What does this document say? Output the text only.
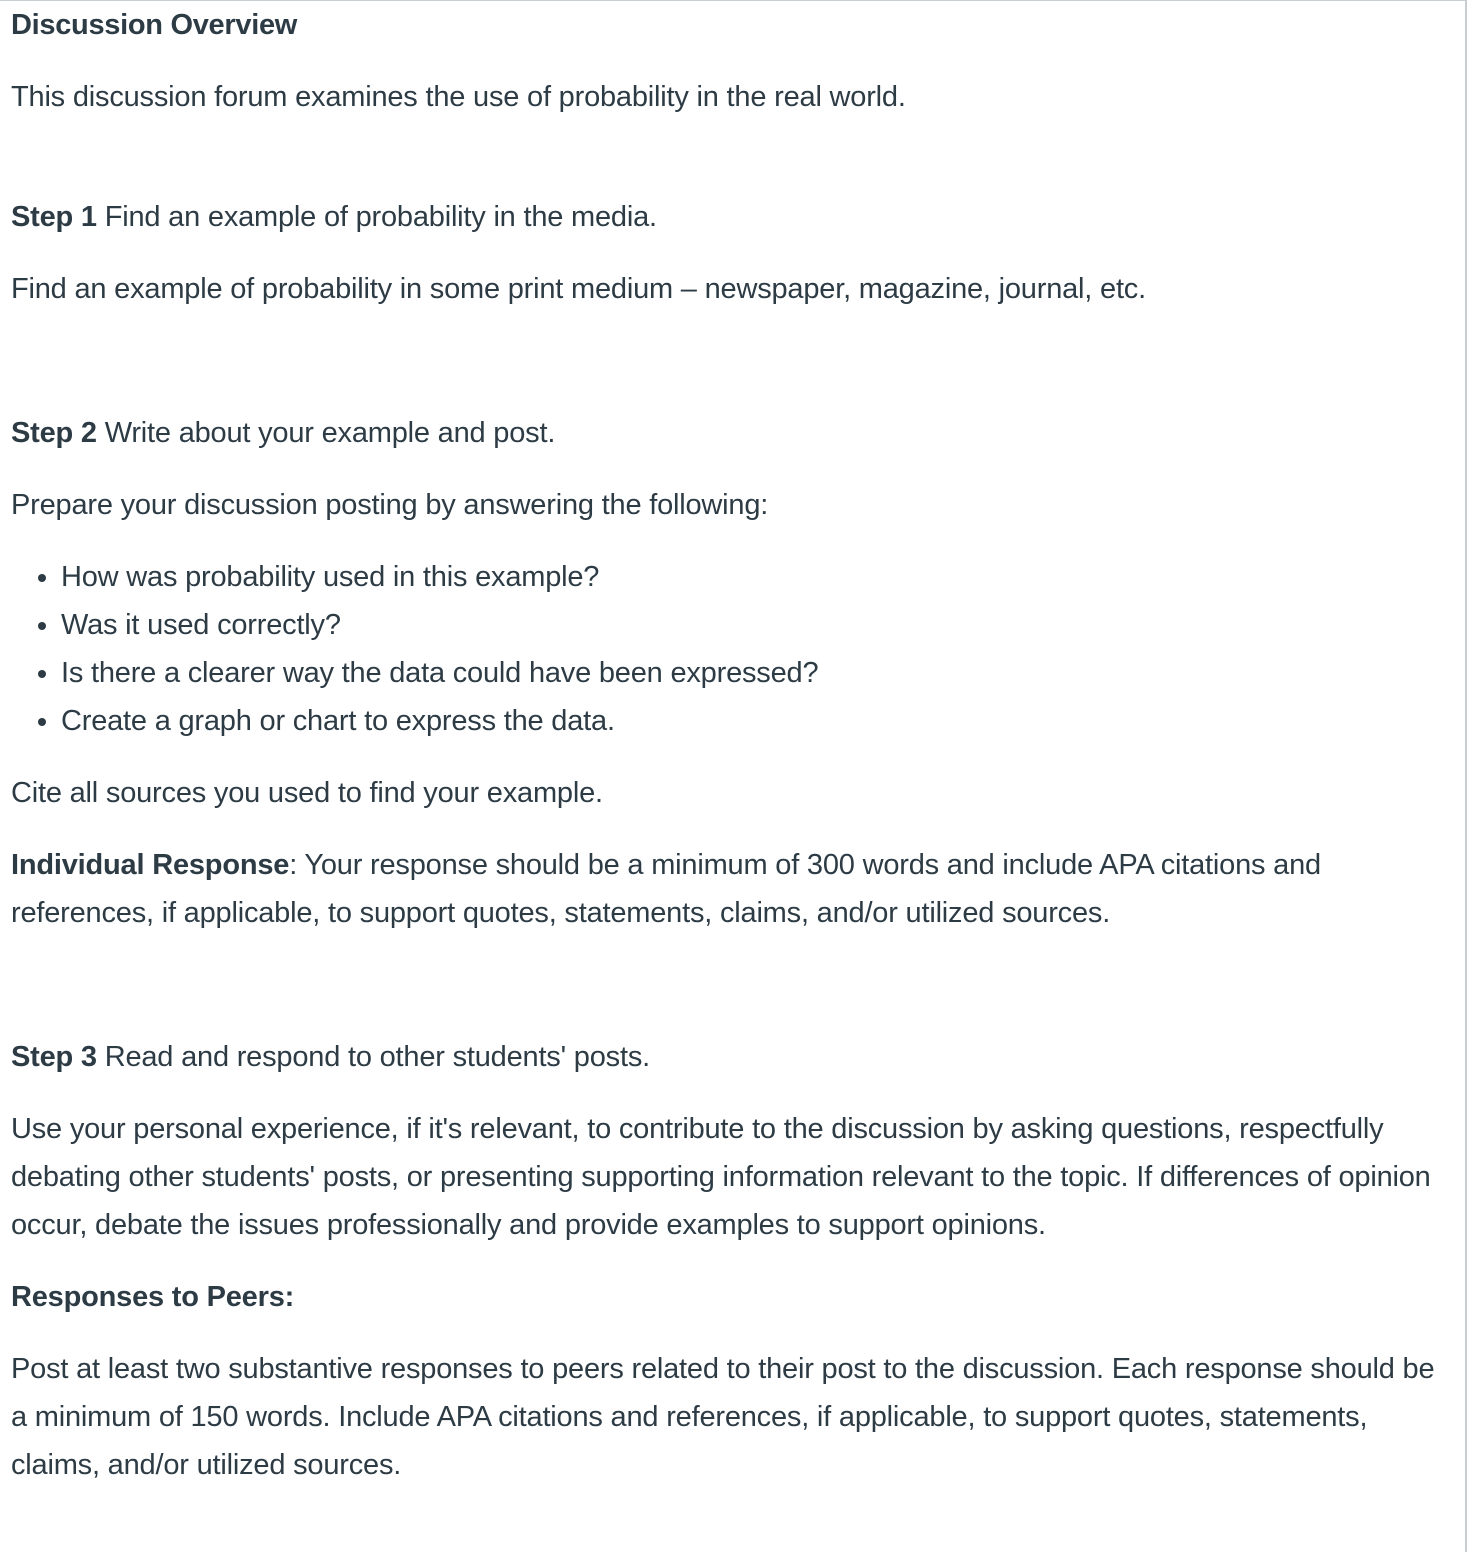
Discussion Overview

This discussion forum examines the use of probability in the real world.

Step 1 Find an example of probability in the media.

Find an example of probability in some print medium – newspaper, magazine, journal, etc.

Step 2 Write about your example and post.

Prepare your discussion posting by answering the following:

• How was probability used in this example?
• Was it used correctly?
• Is there a clearer way the data could have been expressed?
• Create a graph or chart to express the data.

Cite all sources you used to find your example.

Individual Response: Your response should be a minimum of 300 words and include APA citations and references, if applicable, to support quotes, statements, claims, and/or utilized sources.

Step 3 Read and respond to other students' posts.

Use your personal experience, if it's relevant, to contribute to the discussion by asking questions, respectfully debating other students' posts, or presenting supporting information relevant to the topic. If differences of opinion occur, debate the issues professionally and provide examples to support opinions.

Responses to Peers:

Post at least two substantive responses to peers related to their post to the discussion. Each response should be a minimum of 150 words. Include APA citations and references, if applicable, to support quotes, statements, claims, and/or utilized sources.
